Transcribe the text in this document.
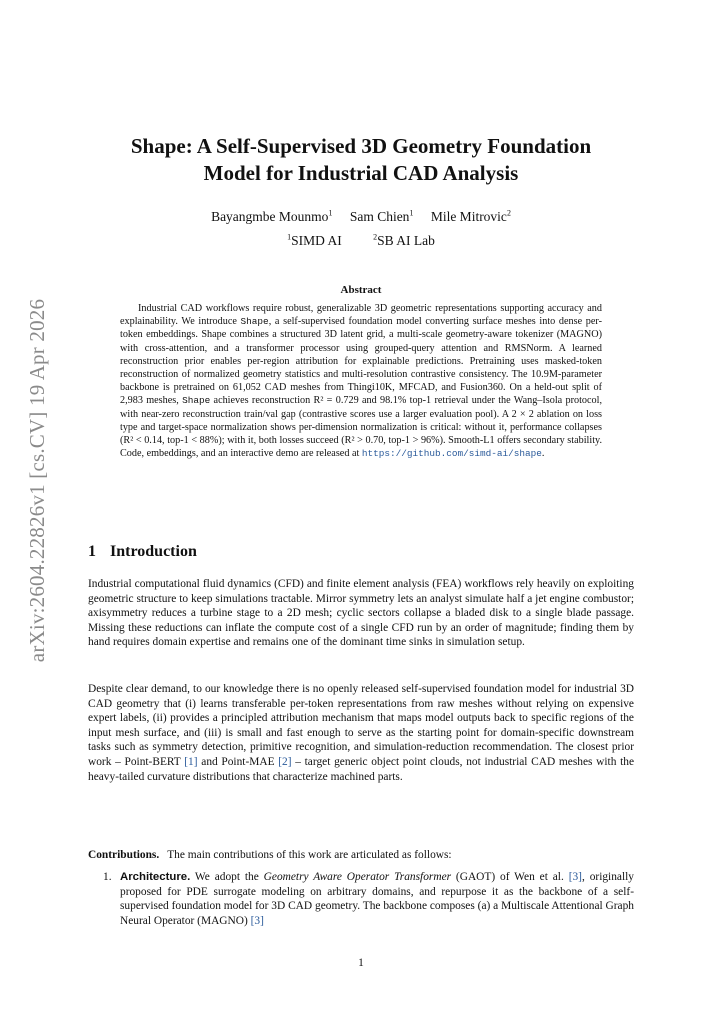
arXiv:2604.22826v1 [cs.CV] 19 Apr 2026
Shape: A Self-Supervised 3D Geometry Foundation
Model for Industrial CAD Analysis
Bayangmbe Mounmo$^1$ Sam Chien$^1$ Mile Mitrovic$^2$
$^1$SIMD AI	$^2$SB AI Lab
Abstract

Industrial CAD workflows require robust, generalizable 3D geometric representations supporting accuracy and explainability. We introduce Shape, a self-supervised foundation model converting surface meshes into dense per-token embeddings. Shape combines a structured 3D latent grid, a multi-scale geometry-aware tokenizer (MAGNO) with cross-attention, and a transformer processor using grouped-query attention and RMSNorm. A learned reconstruction prior enables per-region attribution for explainable predictions. Pretraining uses masked-token reconstruction of normalized geometry statistics and multi-resolution contrastive consistency. The 10.9M-parameter backbone is pretrained on 61,052 CAD meshes from Thingi10K, MFCAD, and Fusion360. On a held-out split of 2,983 meshes, Shape achieves reconstruction R² = 0.729 and 98.1% top-1 retrieval under the Wang–Isola protocol, with near-zero reconstruction train/val gap (contrastive scores use a larger evaluation pool). A 2 × 2 ablation on loss type and target-space normalization shows per-dimension normalization is critical: without it, performance collapses (R² < 0.14, top-1 < 88%); with it, both losses succeed (R² > 0.70, top-1 > 96%). Smooth-L1 offers secondary stability. Code, embeddings, and an interactive demo are released at https://github.com/simd-ai/shape.

1 Introduction

Industrial computational fluid dynamics (CFD) and finite element analysis (FEA) workflows rely heavily on exploiting geometric structure to keep simulations tractable. Mirror symmetry lets an analyst simulate half a jet engine combustor; axisymmetry reduces a turbine stage to a 2D mesh; cyclic sectors collapse a bladed disk to a single blade passage. Missing these reductions can inflate the compute cost of a single CFD run by an order of magnitude; finding them by hand requires domain expertise and remains one of the dominant time sinks in simulation setup.

Despite clear demand, to our knowledge there is no openly released self-supervised foundation model for industrial 3D CAD geometry that (i) learns transferable per-token representations from raw meshes without relying on expensive expert labels, (ii) provides a principled attribution mechanism that maps model outputs back to specific regions of the input mesh surface, and (iii) is small and fast enough to serve as the starting point for domain-specific downstream tasks such as symmetry detection, primitive recognition, and simulation-reduction recommendation. The closest prior work – Point-BERT [1] and Point-MAE [2] – target generic object point clouds, not industrial CAD meshes with the heavy-tailed curvature distributions that characterize machined parts.

Contributions. The main contributions of this work are articulated as follows:

1. Architecture. We adopt the Geometry Aware Operator Transformer (GAOT) of Wen et al. [3], originally proposed for PDE surrogate modeling on arbitrary domains, and repurpose it as the backbone of a self-supervised foundation model for 3D CAD geometry. The backbone composes (a) a Multiscale Attentional Graph Neural Operator (MAGNO) [3]

1
